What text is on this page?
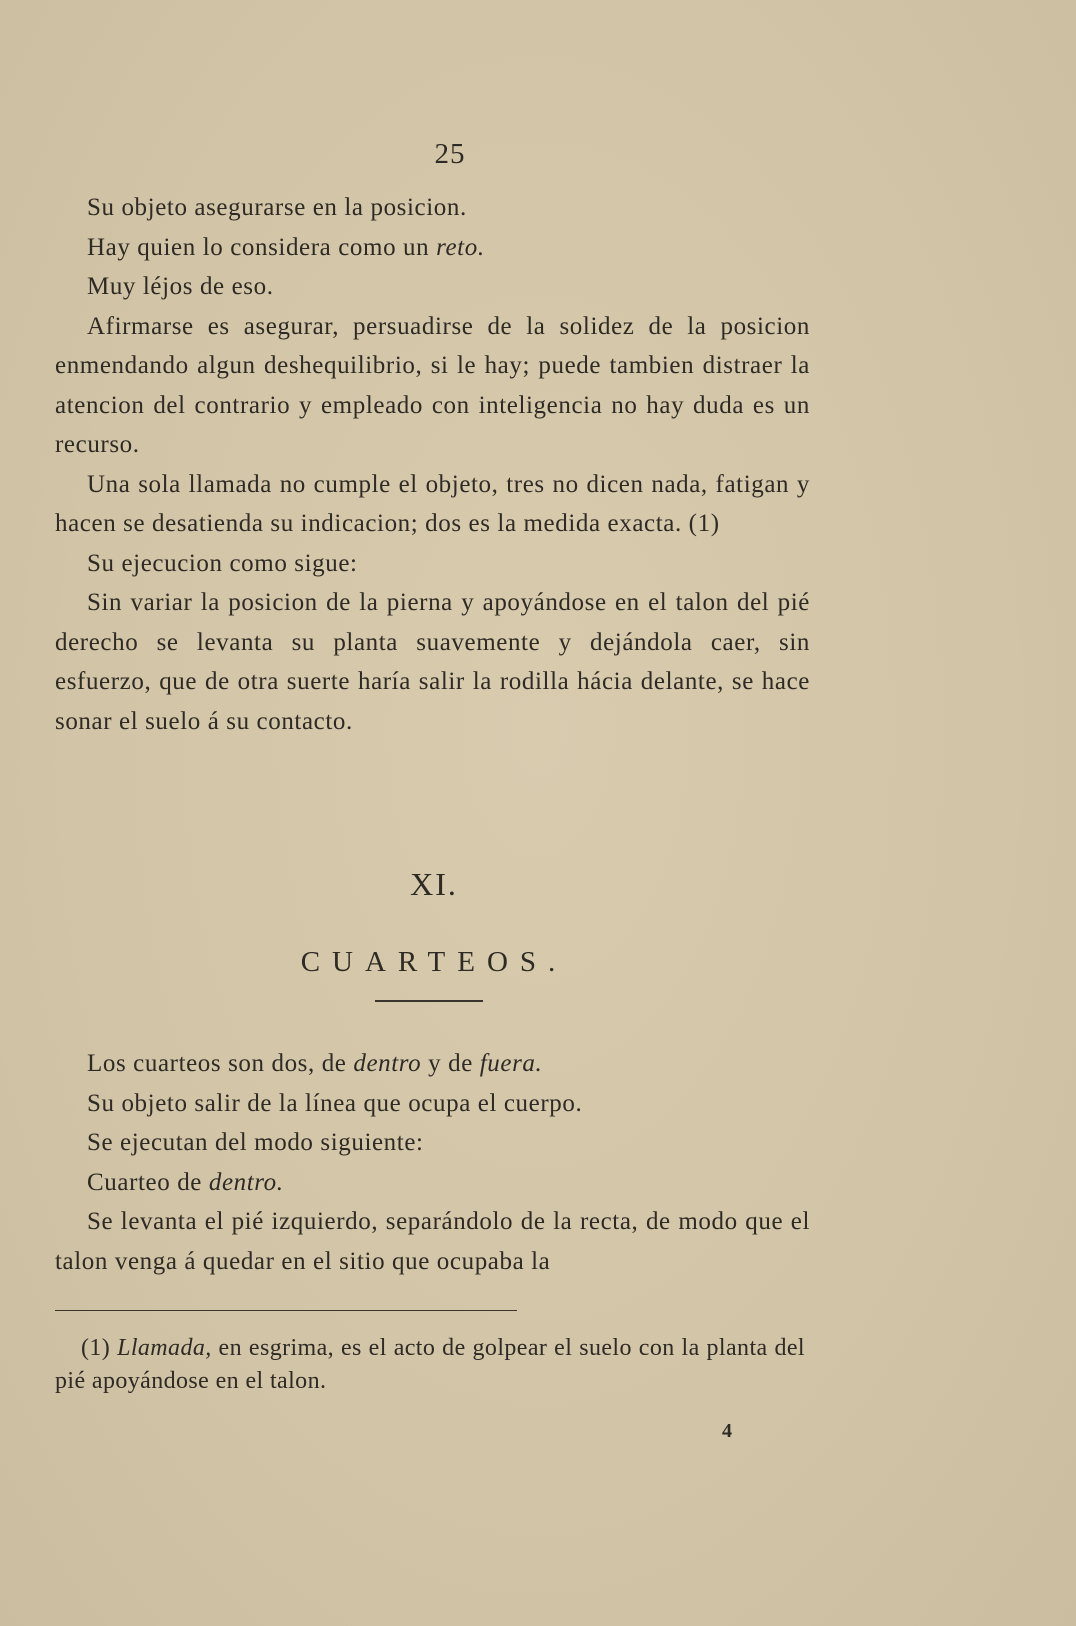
25

Su objeto asegurarse en la posicion.

Hay quien lo considera como un reto.

Muy léjos de eso.

Afirmarse es asegurar, persuadirse de la solidez de la posicion enmendando algun deshequilibrio, si le hay; puede tambien distraer la atencion del contrario y empleado con inteligencia no hay duda es un recurso.

Una sola llamada no cumple el objeto, tres no dicen nada, fatigan y hacen se desatienda su indicacion; dos es la medida exacta. (1)

Su ejecucion como sigue:

Sin variar la posicion de la pierna y apoyándose en el talon del pié derecho se levanta su planta suavemente y dejándola caer, sin esfuerzo, que de otra suerte haría salir la rodilla hácia delante, se hace sonar el suelo á su contacto.

XI.
CUARTEOS.

Los cuarteos son dos, de dentro y de fuera.

Su objeto salir de la línea que ocupa el cuerpo.

Se ejecutan del modo siguiente:

Cuarteo de dentro.

Se levanta el pié izquierdo, separándolo de la recta, de modo que el talon venga á quedar en el sitio que ocupaba la

(1) Llamada, en esgrima, es el acto de golpear el suelo con la planta del pié apoyándose en el talon.

4
